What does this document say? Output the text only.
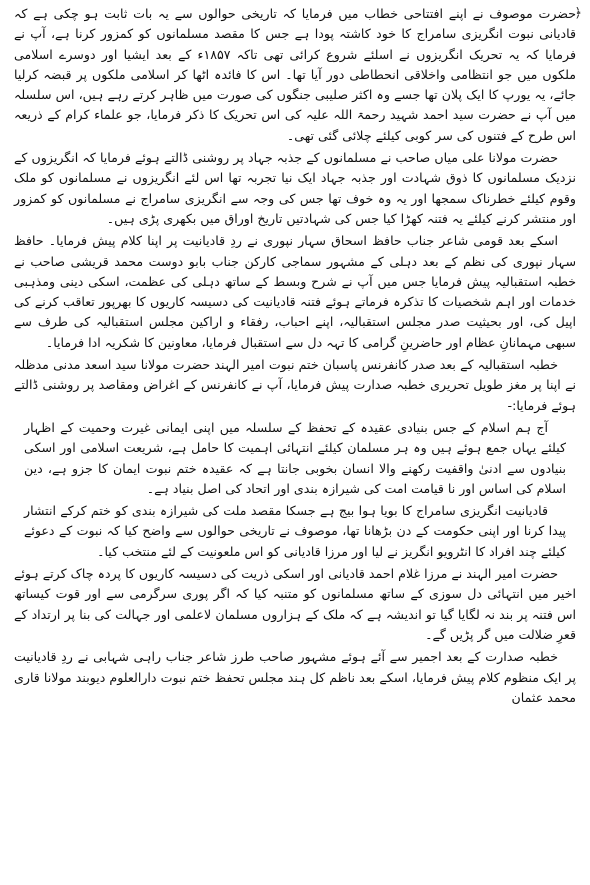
﴿

حضرت موصوف نے اپنے افتتاحی خطاب میں فرمایا کہ تاریخی حوالوں سے یہ بات ثابت ہو چکی ہے کہ قادیانی نبوت انگریزی سامراج کا خود کاشتہ پودا ہے جس کا مقصد مسلمانوں کو کمزور کرنا ہے، آپ نے فرمایا کہ یہ تحریک انگریزوں نے اسلئے شروع کرائی تھی تاکہ ۱۸۵۷ء کے بعد ایشیا اور دوسرے اسلامی ملکوں میں جو انتظامی واخلاقی انحطاطی دور آیا تھا۔ اس کا فائدہ اٹھا کر اسلامی ملکوں پر قبضہ کرلیا جائے، یہ یورپ کا ایک پلان تھا جسے وہ اکثر صلیبی جنگوں کی صورت میں ظاہر کرتے رہے ہیں، اس سلسلہ میں آپ نے حضرت سید احمد شہید رحمۃ اللہ علیہ کی اس تحریک کا ذکر فرمایا، جو علماء کرام کے ذریعہ اس طرح کے فتنوں کی سر کوبی کیلئے چلائی گئی تھی۔

حضرت مولانا علی میاں صاحب نے مسلمانوں کے جذبہ جہاد پر روشنی ڈالتے ہوئے فرمایا کہ انگریزوں کے نزدیک مسلمانوں کا ذوق شہادت اور جذبہ جہاد ایک نیا تجربہ تھا اس لئے انگریزوں نے مسلمانوں کو ملک وقوم کیلئے خطرناک سمجھا اور یہ وہ خوف تھا جس کی وجہ سے انگریزی سامراج نے مسلمانوں کو کمزور اور منتشر کرنے کیلئے یہ فتنہ کھڑا کیا جس کی شہادتیں تاریخ اوراق میں بکھری پڑی ہیں۔

اسکے بعد قومی شاعر جناب حافظ اسحاق سہار نپوری نے ردِ قادیانیت پر اپنا کلام پیش فرمایا۔ حافظ سہار نپوری کی نظم کے بعد دہلی کے مشہور سماجی کارکن جناب بابو دوست محمد قریشی صاحب نے خطبہ استقبالیہ پیش فرمایا جس میں آپ نے شرح وبسط کے ساتھ دہلی کی عظمت، اسکی دینی ومذہبی خدمات اور اہم شخصیات کا تذکرہ فرماتے ہوئے فتنہ قادیانیت کی دسیسہ کاریوں کا بھرپور تعاقب کرنے کی اپیل کی، اور بحیثیت صدر مجلس استقبالیہ، اپنے احباب، رفقاء و اراکین مجلس استقبالیہ کی طرف سے سبھی مہمانانِ عظام اور حاضرینِ گرامی کا تہہ دل سے استقبال فرمایا، معاونین کا شکریہ ادا فرمایا۔

خطبہ استقبالیہ کے بعد صدر کانفرنس پاسبان ختم نبوت امیر الہند حضرت مولانا سید اسعد مدنی مدظلہ نے اپنا پر مغز طویل تحریری خطبہ صدارت پیش فرمایا، آپ نے کانفرنس کے اغراض ومقاصد پر روشنی ڈالتے ہوئے فرمایا:-

آج ہم اسلام کے جس بنیادی عقیدہ کے تحفظ کے سلسلہ میں اپنی ایمانی غیرت وحمیت کے اظہار کیلئے یہاں جمع ہوئے ہیں وہ ہر مسلمان کیلئے انتہائی اہمیت کا حامل ہے، شریعت اسلامی اور اسکی بنیادوں سے ادنیٰ واقفیت رکھنے والا انسان بخوبی جانتا ہے کہ عقیدہ ختم نبوت ایمان کا جزو ہے، دین اسلام کی اساس اور نا قیامت امت کی شیرازہ بندی اور اتحاد کی اصل بنیاد ہے۔

قادیانیت انگریزی سامراج کا بویا ہوا بیج ہے جسکا مقصد ملت کی شیرازہ بندی کو ختم کرکے انتشار پیدا کرنا اور اپنی حکومت کے دن بڑھانا تھا، موصوف نے تاریخی حوالوں سے واضح کیا کہ نبوت کے دعوئے کیلئے چند افراد کا انٹرویو انگریز نے لیا اور مرزا قادیانی کو اس ملعونیت کے لئے منتخب کیا۔

حضرت امیر الہند نے مرزا غلام احمد قادیانی اور اسکی ذریت کی دسیسہ کاریوں کا پردہ چاک کرتے ہوئے اخیر میں انتہائی دل سوزی کے ساتھ مسلمانوں کو متنبہ کیا کہ اگر پوری سرگرمی سے اور قوت کیساتھ اس فتنہ پر بند نہ لگایا گیا تو اندیشہ ہے کہ ملک کے ہزاروں مسلمان لاعلمی اور جہالت کی بنا پر ارتداد کے قعرِ ضلالت میں گر پڑیں گے۔

خطبہ صدارت کے بعد اجمیر سے آئے ہوئے مشہور صاحب طرز شاعر جناب راہی شہابی نے ردِ قادیانیت پر ایک منظوم کلام پیش فرمایا، اسکے بعد ناظم کل ہند مجلس تحفظ ختم نبوت دارالعلوم دیوبند مولانا قاری محمد عثمان
